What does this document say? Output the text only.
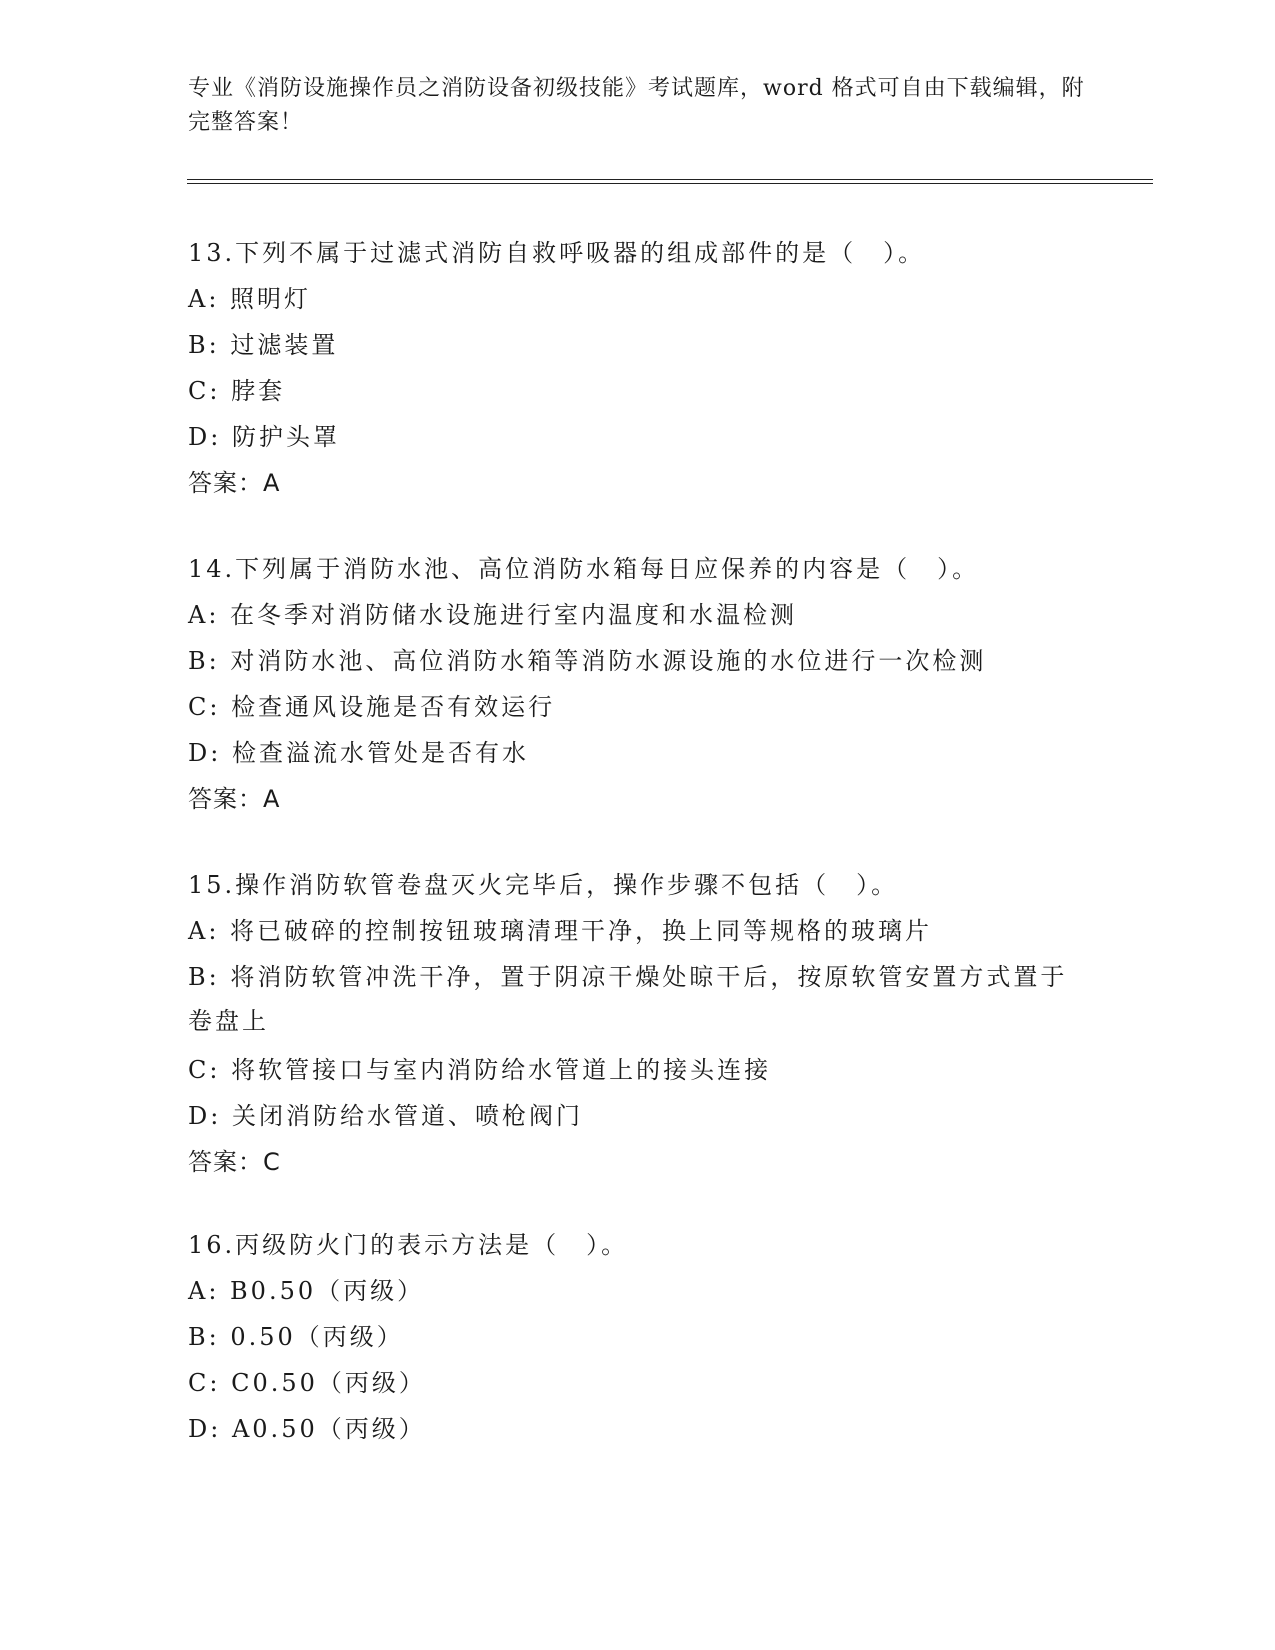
专业《消防设施操作员之消防设备初级技能》考试题库，word 格式可自由下载编辑，附完整答案！
13.下列不属于过滤式消防自救呼吸器的组成部件的是（　）。
A: 照明灯
B: 过滤装置
C: 脖套
D: 防护头罩
答案：A
14.下列属于消防水池、高位消防水箱每日应保养的内容是（　）。
A: 在冬季对消防储水设施进行室内温度和水温检测
B: 对消防水池、高位消防水箱等消防水源设施的水位进行一次检测
C: 检查通风设施是否有效运行
D: 检查溢流水管处是否有水
答案：A
15.操作消防软管卷盘灭火完毕后，操作步骤不包括（　）。
A: 将已破碎的控制按钮玻璃清理干净，换上同等规格的玻璃片
B: 将消防软管冲洗干净，置于阴凉干燥处晾干后，按原软管安置方式置于卷盘上
C: 将软管接口与室内消防给水管道上的接头连接
D: 关闭消防给水管道、喷枪阀门
答案：C
16.丙级防火门的表示方法是（　）。
A: B0.50（丙级）
B: 0.50（丙级）
C: C0.50（丙级）
D: A0.50（丙级）
